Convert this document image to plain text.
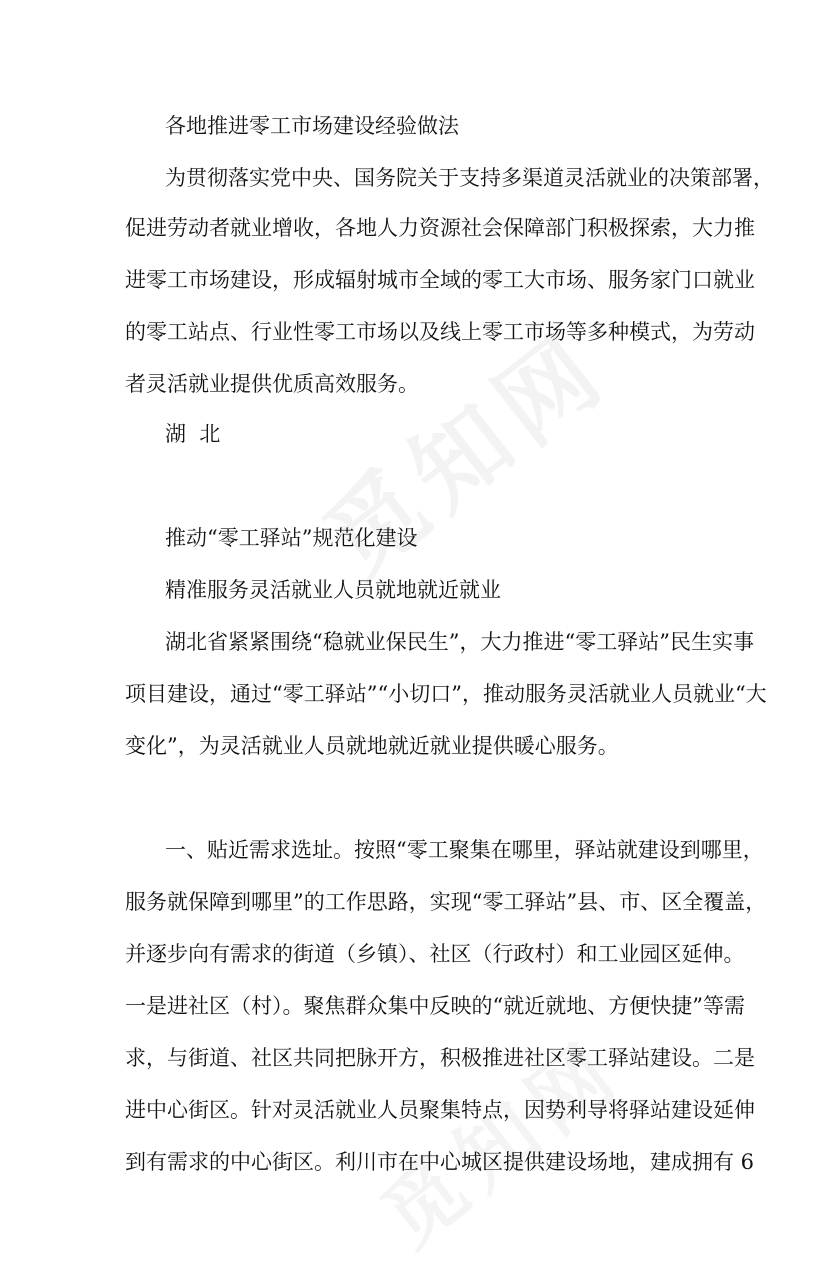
各地推进零工市场建设经验做法
为贯彻落实党中央、国务院关于支持多渠道灵活就业的决策部署，
促进劳动者就业增收，各地人力资源社会保障部门积极探索，大力推
进零工市场建设，形成辐射城市全域的零工大市场、服务家门口就业
的零工站点、行业性零工市场以及线上零工市场等多种模式，为劳动
者灵活就业提供优质高效服务。
湖  北
推动“零工驿站”规范化建设
精准服务灵活就业人员就地就近就业
湖北省紧紧围绕“稳就业保民生”，大力推进“零工驿站”民生实事
项目建设，通过“零工驿站”“小切口”，推动服务灵活就业人员就业“大
变化”，为灵活就业人员就地就近就业提供暖心服务。
一、贴近需求选址。按照“零工聚集在哪里，驿站就建设到哪里，
服务就保障到哪里”的工作思路，实现“零工驿站”县、市、区全覆盖，
并逐步向有需求的街道（乡镇）、社区（行政村）和工业园区延伸。
一是进社区（村）。聚焦群众集中反映的“就近就地、方便快捷”等需
求，与街道、社区共同把脉开方，积极推进社区零工驿站建设。二是
进中心街区。针对灵活就业人员聚集特点，因势利导将驿站建设延伸
到有需求的中心街区。利川市在中心城区提供建设场地，建成拥有 6
